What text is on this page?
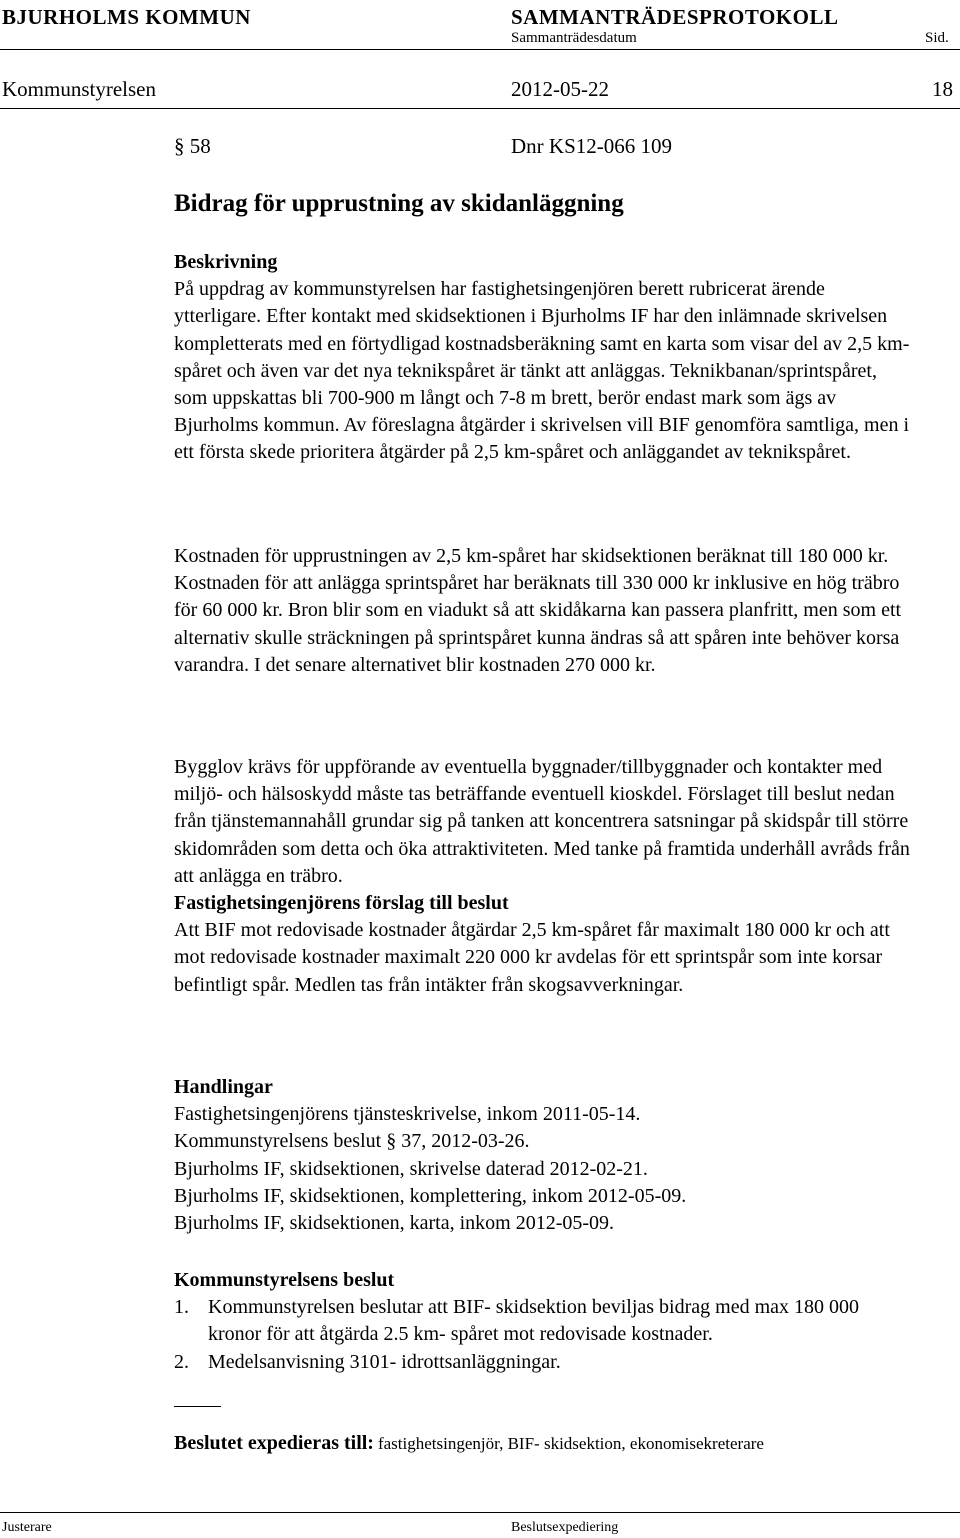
BJURHOLMS KOMMUN	SAMMANTRÄDESPROTOKOLL
Sammanträdesdatum	Sid.
Kommunstyrelsen	2012-05-22	18
§ 58	Dnr KS12-066 109
Bidrag för upprustning av skidanläggning

Beskrivning

På uppdrag av kommunstyrelsen har fastighetsingenjören berett rubricerat ärende ytterligare. Efter kontakt med skidsektionen i Bjurholms IF har den inlämnade skrivelsen kompletterats med en förtydligad kostnadsberäkning samt en karta som visar del av 2,5 km-spåret och även var det nya teknikspåret är tänkt att anläggas. Teknikbanan/sprintspåret, som uppskattas bli 700-900 m långt och 7-8 m brett, berör endast mark som ägs av Bjurholms kommun. Av föreslagna åtgärder i skrivelsen vill BIF genomföra samtliga, men i ett första skede prioritera åtgärder på 2,5 km-spåret och anläggandet av teknikspåret.

Kostnaden för upprustningen av 2,5 km-spåret har skidsektionen beräknat till 180 000 kr.

Kostnaden för att anlägga sprintspåret har beräknats till 330 000 kr inklusive en hög träbro för 60 000 kr. Bron blir som en viadukt så att skidåkarna kan passera planfritt, men som ett alternativ skulle sträckningen på sprintspåret kunna ändras så att spåren inte behöver korsa varandra. I det senare alternativet blir kostnaden 270 000 kr.

Bygglov krävs för uppförande av eventuella byggnader/tillbyggnader och kontakter med miljö- och hälsoskydd måste tas beträffande eventuell kioskdel. Förslaget till beslut nedan från tjänstemannahåll grundar sig på tanken att koncentrera satsningar på skidspår till större skidområden som detta och öka attraktiviteten. Med tanke på framtida underhåll avråds från att anlägga en träbro.

Fastighetsingenjörens förslag till beslut

Att BIF mot redovisade kostnader åtgärdar 2,5 km-spåret får maximalt 180 000 kr och att mot redovisade kostnader maximalt 220 000 kr avdelas för ett sprintspår som inte korsar befintligt spår. Medlen tas från intäkter från skogsavverkningar.

Handlingar

Fastighetsingenjörens tjänsteskrivelse, inkom 2011-05-14.

Kommunstyrelsens beslut § 37, 2012-03-26.

Bjurholms IF, skidsektionen, skrivelse daterad 2012-02-21.

Bjurholms IF, skidsektionen, komplettering, inkom 2012-05-09.

Bjurholms IF, skidsektionen, karta, inkom 2012-05-09.

Kommunstyrelsens beslut

1. Kommunstyrelsen beslutar att BIF- skidsektion beviljas bidrag med max 180 000 kronor för att åtgärda 2.5 km- spåret mot redovisade kostnader.
2. Medelsanvisning 3101- idrottsanläggningar.
Beslutet expedieras till: fastighetsingenjör, BIF- skidsektion, ekonomisekreterare
Justerare	Beslutsexpediering
